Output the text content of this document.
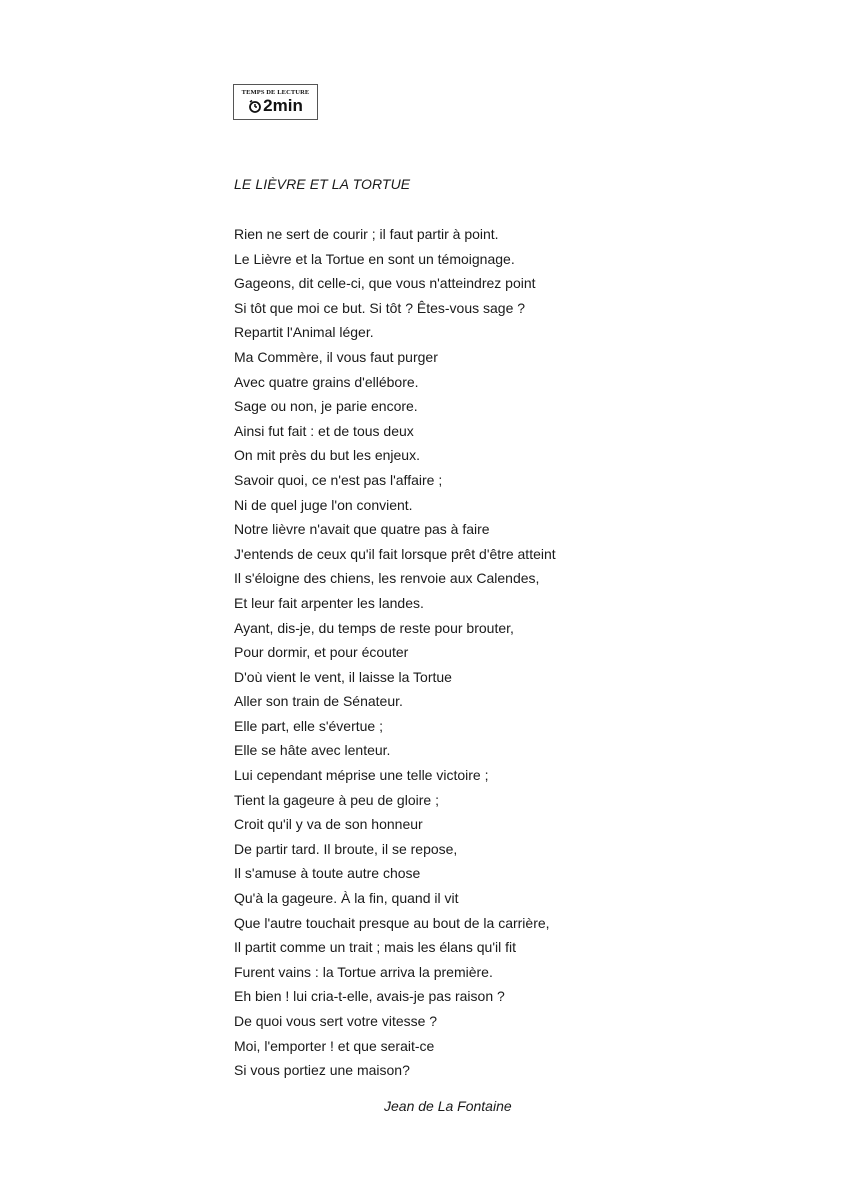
TEMPS DE LECTURE
2min
LE LIÈVRE ET LA TORTUE
Rien ne sert de courir ; il faut partir à point.
Le Lièvre et la Tortue en sont un témoignage.
Gageons, dit celle-ci, que vous n'atteindrez point
Si tôt que moi ce but. Si tôt ? Êtes-vous sage ?
Repartit l'Animal léger.
Ma Commère, il vous faut purger
Avec quatre grains d'ellébore.
Sage ou non, je parie encore.
Ainsi fut fait : et de tous deux
On mit près du but les enjeux.
Savoir quoi, ce n'est pas l'affaire ;
Ni de quel juge l'on convient.
Notre lièvre n'avait que quatre pas à faire
J'entends de ceux qu'il fait lorsque prêt d'être atteint
Il s'éloigne des chiens, les renvoie aux Calendes,
Et leur fait arpenter les landes.
Ayant, dis-je, du temps de reste pour brouter,
Pour dormir, et pour écouter
D'où vient le vent, il laisse la Tortue
Aller son train de Sénateur.
Elle part, elle s'évertue ;
Elle se hâte avec lenteur.
Lui cependant méprise une telle victoire ;
Tient la gageure à peu de gloire ;
Croit qu'il y va de son honneur
De partir tard. Il broute, il se repose,
Il s'amuse à toute autre chose
Qu'à la gageure. À la fin, quand il vit
Que l'autre touchait presque au bout de la carrière,
Il partit comme un trait ; mais les élans qu'il fit
Furent vains : la Tortue arriva la première.
Eh bien ! lui cria-t-elle, avais-je pas raison ?
De quoi vous sert votre vitesse ?
Moi, l'emporter ! et que serait-ce
Si vous portiez une maison?

Jean de La Fontaine
